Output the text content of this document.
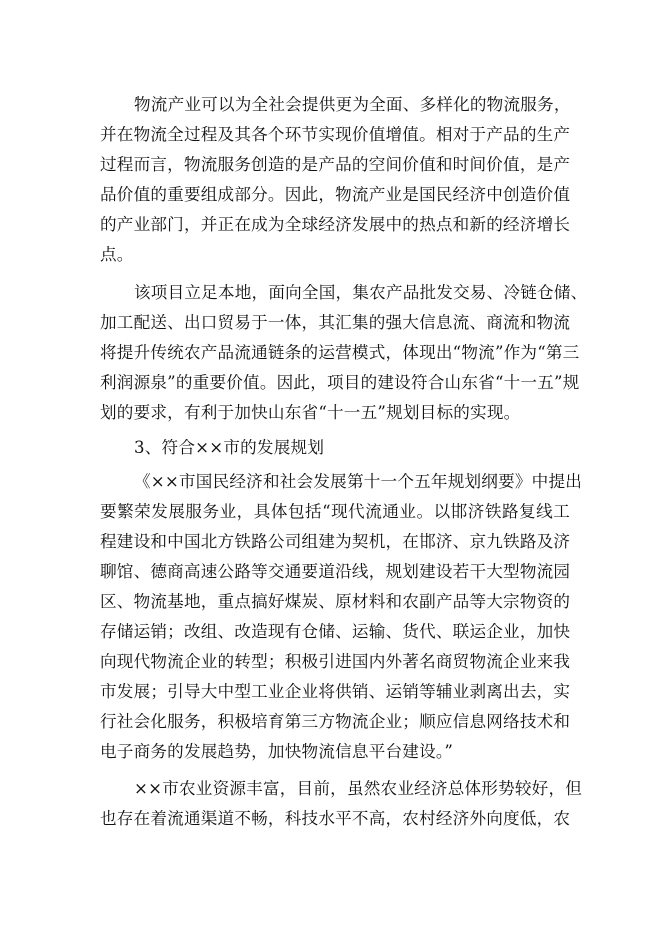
物流产业可以为全社会提供更为全面、多样化的物流服务，
并在物流全过程及其各个环节实现价值增值。相对于产品的生产
过程而言，物流服务创造的是产品的空间价值和时间价值，是产
品价值的重要组成部分。因此，物流产业是国民经济中创造价值
的产业部门，并正在成为全球经济发展中的热点和新的经济增长
点。
该项目立足本地，面向全国，集农产品批发交易、冷链仓储、
加工配送、出口贸易于一体，其汇集的强大信息流、商流和物流
将提升传统农产品流通链条的运营模式，体现出“物流”作为“第三
利润源泉”的重要价值。因此，项目的建设符合山东省“十一五”规
划的要求，有利于加快山东省“十一五”规划目标的实现。
3、符合××市的发展规划
《××市国民经济和社会发展第十一个五年规划纲要》中提出
要繁荣发展服务业，具体包括“现代流通业。以邯济铁路复线工
程建设和中国北方铁路公司组建为契机，在邯济、京九铁路及济
聊馆、德商高速公路等交通要道沿线，规划建设若干大型物流园
区、物流基地，重点搞好煤炭、原材料和农副产品等大宗物资的
存储运销；改组、改造现有仓储、运输、货代、联运企业，加快
向现代物流企业的转型；积极引进国内外著名商贸物流企业来我
市发展；引导大中型工业企业将供销、运销等辅业剥离出去，实
行社会化服务，积极培育第三方物流企业；顺应信息网络技术和
电子商务的发展趋势，加快物流信息平台建设。”
××市农业资源丰富，目前，虽然农业经济总体形势较好，但
也存在着流通渠道不畅，科技水平不高，农村经济外向度低，农
